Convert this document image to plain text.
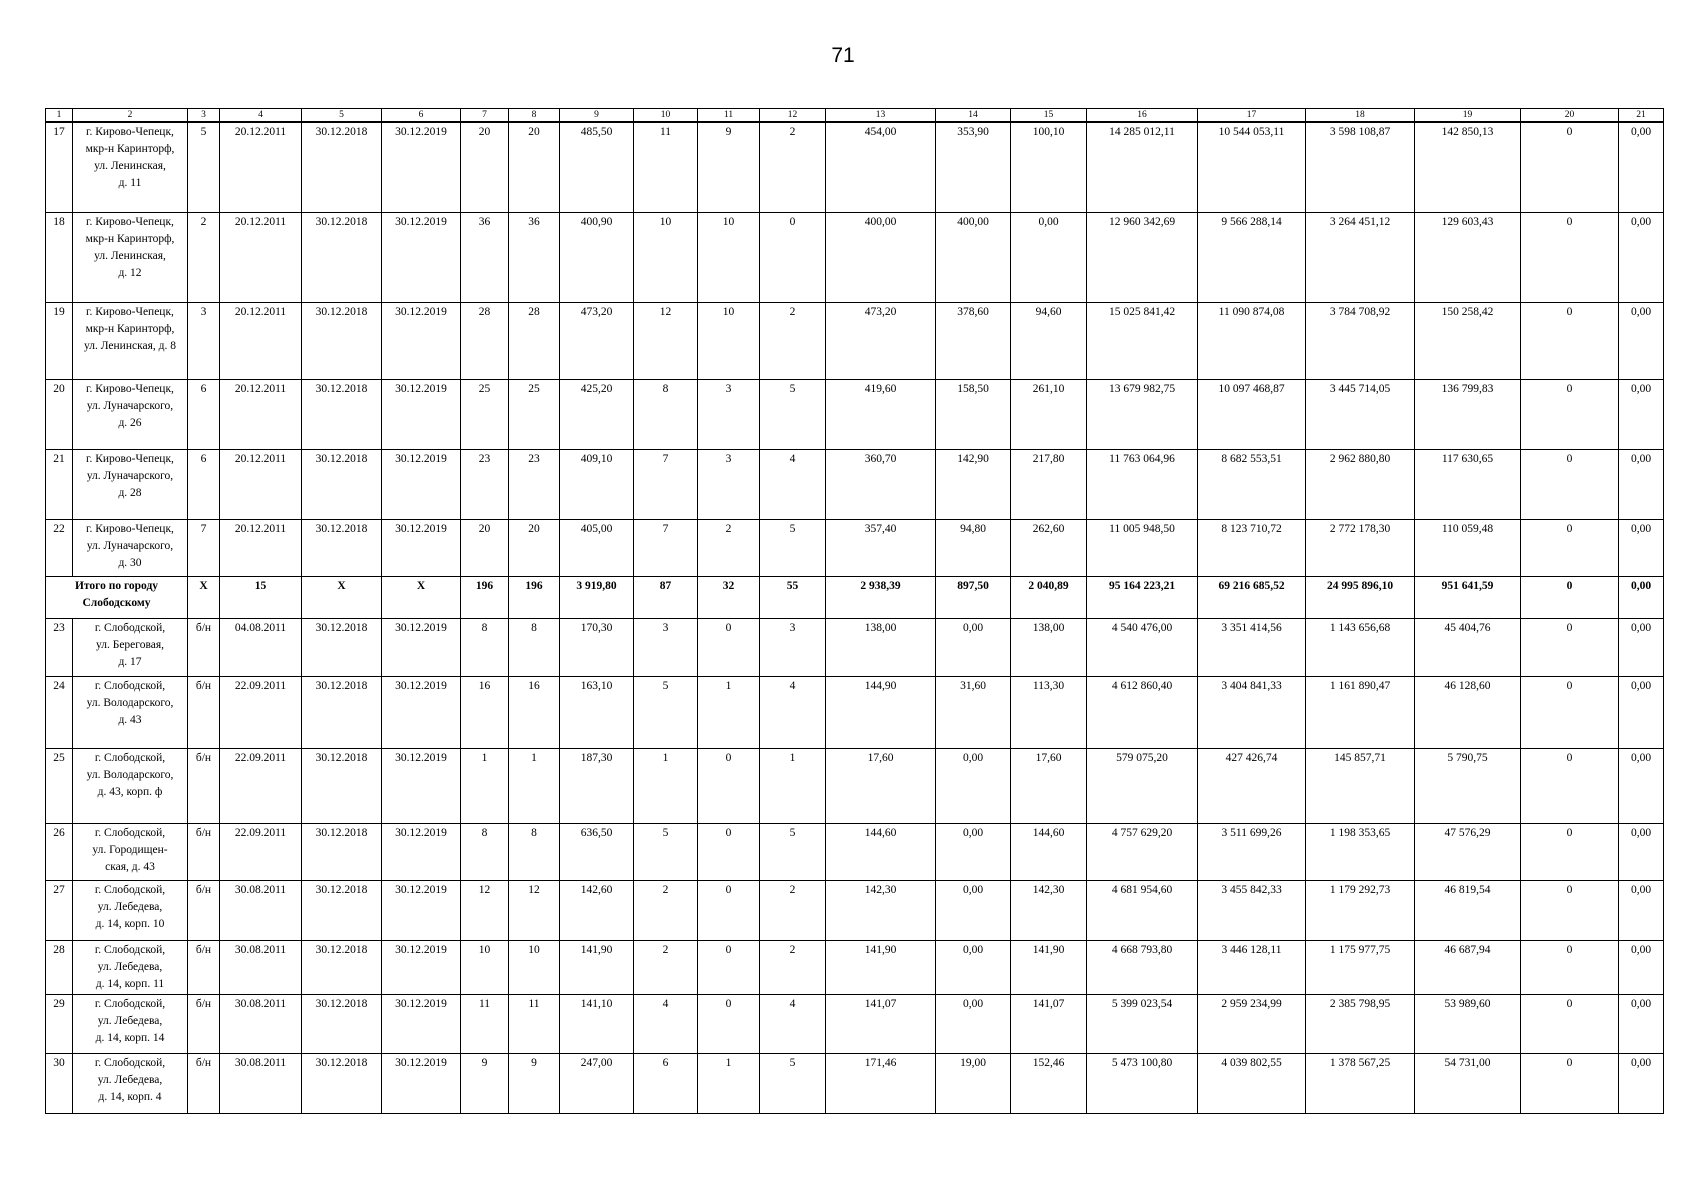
71
1	2	3	4	5	6	7	8	9	10	11	12	13	14	15	16	17	18	19	20	21
17	г. Кирово-Чепецк,
мкр-н Каринторф,
ул. Ленинская,
д. 11	5	20.12.2011	30.12.2018	30.12.2019	20	20	485,50	11	9	2	454,00	353,90	100,10	14 285 012,11	10 544 053,11	3 598 108,87	142 850,13	0	0,00
18	г. Кирово-Чепецк,
мкр-н Каринторф,
ул. Ленинская,
д. 12	2	20.12.2011	30.12.2018	30.12.2019	36	36	400,90	10	10	0	400,00	400,00	0,00	12 960 342,69	9 566 288,14	3 264 451,12	129 603,43	0	0,00
19	г. Кирово-Чепецк,
мкр-н Каринторф,
ул. Ленинская, д. 8	3	20.12.2011	30.12.2018	30.12.2019	28	28	473,20	12	10	2	473,20	378,60	94,60	15 025 841,42	11 090 874,08	3 784 708,92	150 258,42	0	0,00
20	г. Кирово-Чепецк,
ул. Луначарского,
д. 26	6	20.12.2011	30.12.2018	30.12.2019	25	25	425,20	8	3	5	419,60	158,50	261,10	13 679 982,75	10 097 468,87	3 445 714,05	136 799,83	0	0,00
21	г. Кирово-Чепецк,
ул. Луначарского,
д. 28	6	20.12.2011	30.12.2018	30.12.2019	23	23	409,10	7	3	4	360,70	142,90	217,80	11 763 064,96	8 682 553,51	2 962 880,80	117 630,65	0	0,00
22	г. Кирово-Чепецк,
ул. Луначарского,
д. 30	7	20.12.2011	30.12.2018	30.12.2019	20	20	405,00	7	2	5	357,40	94,80	262,60	11 005 948,50	8 123 710,72	2 772 178,30	110 059,48	0	0,00
Итого по городу
Слободскому		Х	15	Х	Х	196	196	3 919,80	87	32	55	2 938,39	897,50	2 040,89	95 164 223,21	69 216 685,52	24 995 896,10	951 641,59	0	0,00
23	г. Слободской,
ул. Береговая,
д. 17	б/н	04.08.2011	30.12.2018	30.12.2019	8	8	170,30	3	0	3	138,00	0,00	138,00	4 540 476,00	3 351 414,56	1 143 656,68	45 404,76	0	0,00
24	г. Слободской,
ул. Володарского,
д. 43	б/н	22.09.2011	30.12.2018	30.12.2019	16	16	163,10	5	1	4	144,90	31,60	113,30	4 612 860,40	3 404 841,33	1 161 890,47	46 128,60	0	0,00
25	г. Слободской,
ул. Володарского,
д. 43, корп. ф	б/н	22.09.2011	30.12.2018	30.12.2019	1	1	187,30	1	0	1	17,60	0,00	17,60	579 075,20	427 426,74	145 857,71	5 790,75	0	0,00
26	г. Слободской,
ул. Городищен-
ская, д. 43	б/н	22.09.2011	30.12.2018	30.12.2019	8	8	636,50	5	0	5	144,60	0,00	144,60	4 757 629,20	3 511 699,26	1 198 353,65	47 576,29	0	0,00
27	г. Слободской,
ул. Лебедева,
д. 14, корп. 10	б/н	30.08.2011	30.12.2018	30.12.2019	12	12	142,60	2	0	2	142,30	0,00	142,30	4 681 954,60	3 455 842,33	1 179 292,73	46 819,54	0	0,00
28	г. Слободской,
ул. Лебедева,
д. 14, корп. 11	б/н	30.08.2011	30.12.2018	30.12.2019	10	10	141,90	2	0	2	141,90	0,00	141,90	4 668 793,80	3 446 128,11	1 175 977,75	46 687,94	0	0,00
29	г. Слободской,
ул. Лебедева,
д. 14, корп. 14	б/н	30.08.2011	30.12.2018	30.12.2019	11	11	141,10	4	0	4	141,07	0,00	141,07	5 399 023,54	2 959 234,99	2 385 798,95	53 989,60	0	0,00
30	г. Слободской,
ул. Лебедева,
д. 14, корп. 4	б/н	30.08.2011	30.12.2018	30.12.2019	9	9	247,00	6	1	5	171,46	19,00	152,46	5 473 100,80	4 039 802,55	1 378 567,25	54 731,00	0	0,00
